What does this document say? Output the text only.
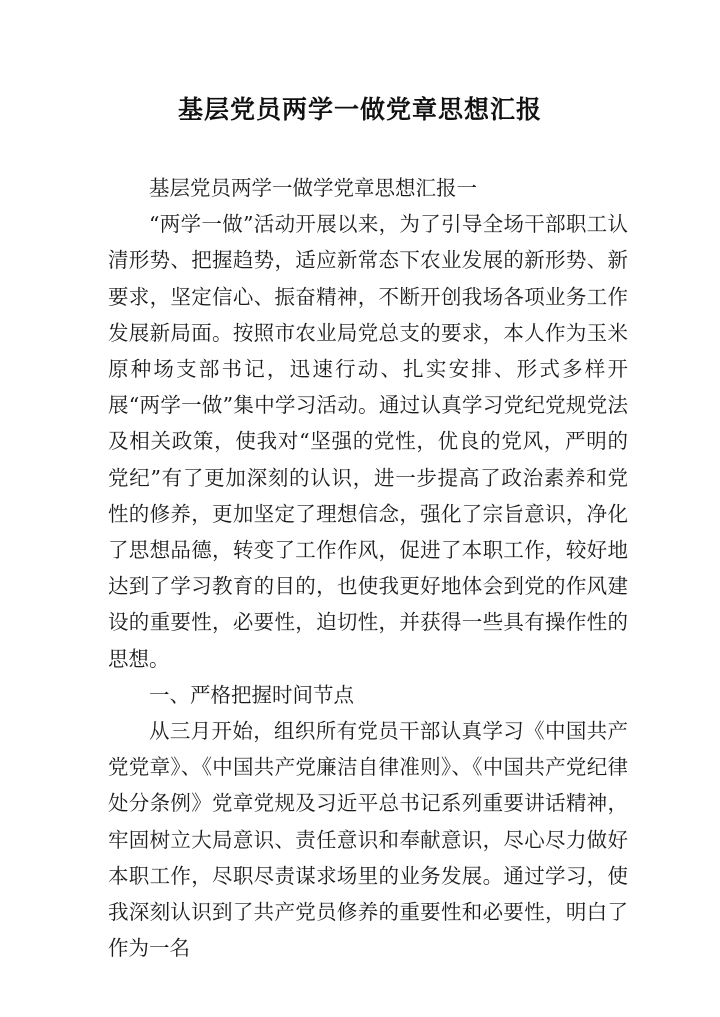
基层党员两学一做党章思想汇报

基层党员两学一做学党章思想汇报一

“两学一做”活动开展以来，为了引导全场干部职工认清形势、把握趋势，适应新常态下农业发展的新形势、新要求，坚定信心、振奋精神，不断开创我场各项业务工作发展新局面。按照市农业局党总支的要求，本人作为玉米原种场支部书记，迅速行动、扎实安排、形式多样开展“两学一做”集中学习活动。通过认真学习党纪党规党法及相关政策，使我对“坚强的党性，优良的党风，严明的党纪”有了更加深刻的认识，进一步提高了政治素养和党性的修养，更加坚定了理想信念，强化了宗旨意识，净化了思想品德，转变了工作作风，促进了本职工作，较好地达到了学习教育的目的，也使我更好地体会到党的作风建设的重要性，必要性，迫切性，并获得一些具有操作性的思想。

一、严格把握时间节点

从三月开始，组织所有党员干部认真学习《中国共产党党章》、《中国共产党廉洁自律准则》、《中国共产党纪律处分条例》党章党规及习近平总书记系列重要讲话精神，牢固树立大局意识、责任意识和奉献意识，尽心尽力做好本职工作，尽职尽责谋求场里的业务发展。通过学习，使我深刻认识到了共产党员修养的重要性和必要性，明白了作为一名
